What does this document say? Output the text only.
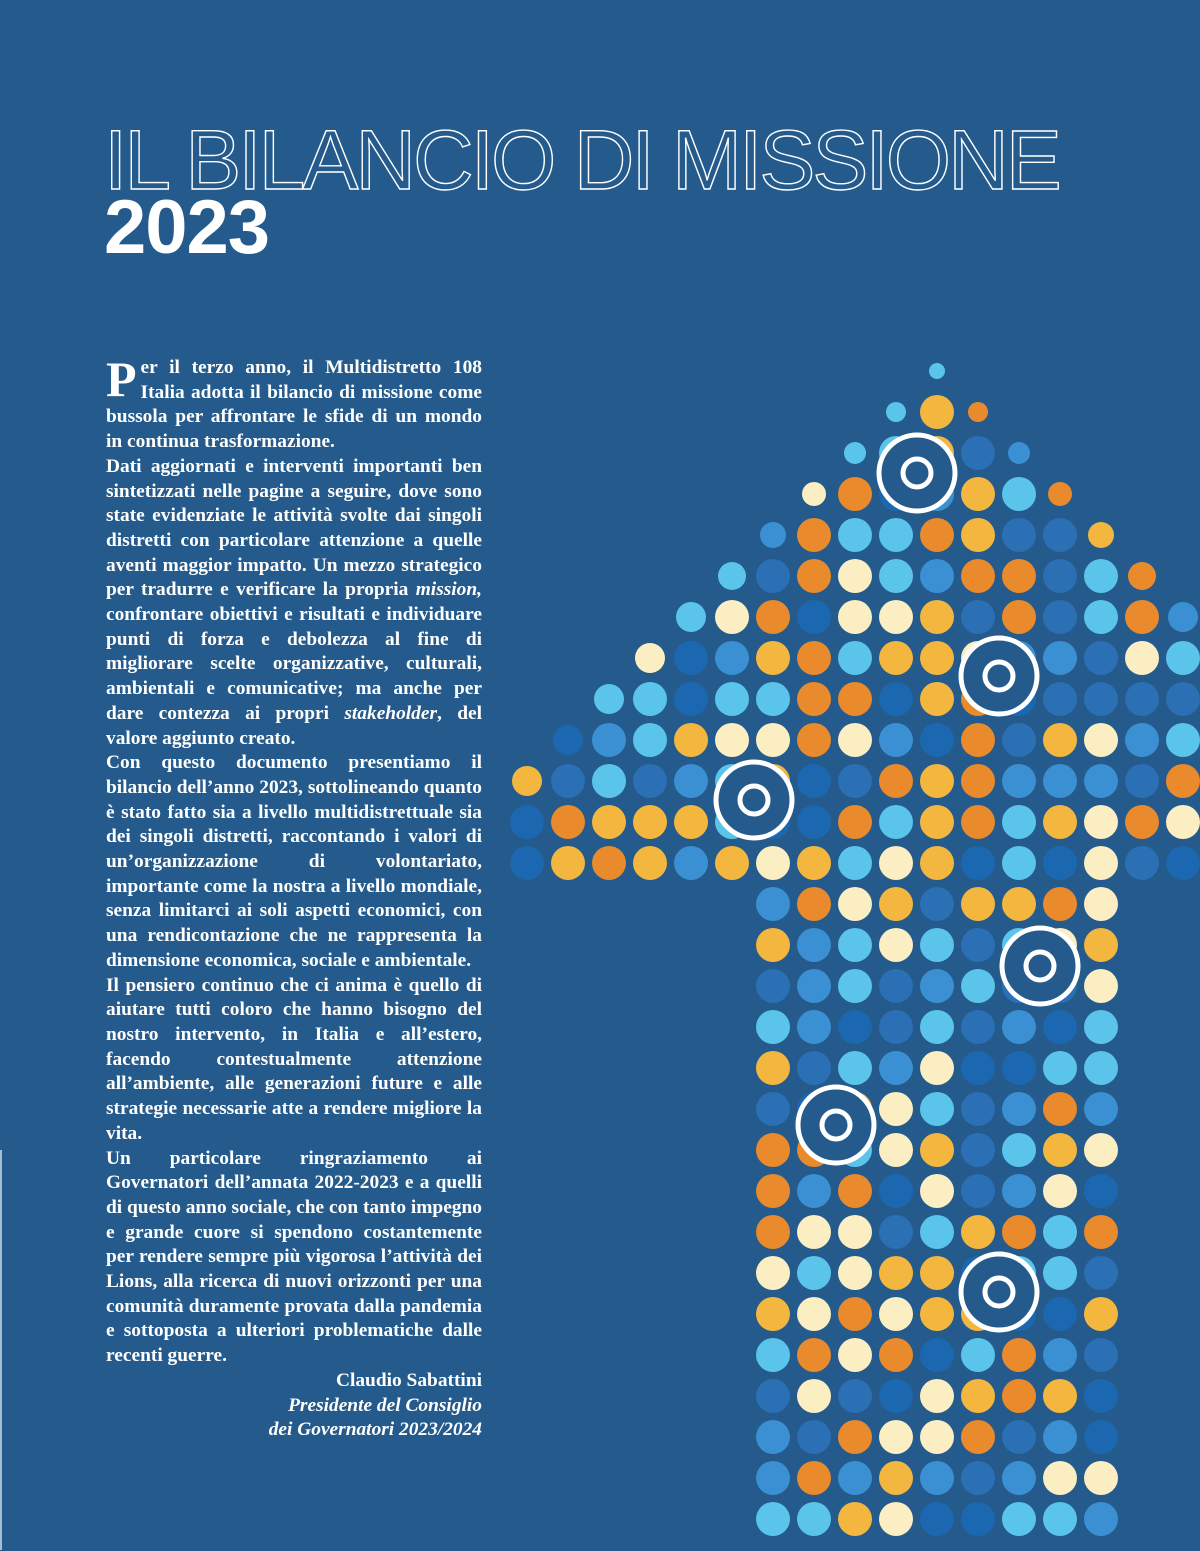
IL BILANCIO DI MISSIONE
2023

Per il terzo anno, il Multidistretto 108 Italia adotta il bilancio di missione come bussola per affrontare le sfide di un mondo in continua trasformazione.

Dati aggiornati e interventi importanti ben sintetizzati nelle pagine a seguire, dove sono state evidenziate le attività svolte dai singoli distretti con particolare attenzione a quelle aventi maggior impatto. Un mezzo strategico per tradurre e verificare la propria mission, confrontare obiettivi e risultati e individuare punti di forza e debolezza al fine di migliorare scelte organizzative, culturali, ambientali e comunicative; ma anche per dare contezza ai propri stakeholder, del valore aggiunto creato.

Con questo documento presentiamo il bilancio dell’anno 2023, sottolineando quanto è stato fatto sia a livello multidistrettuale sia dei singoli distretti, raccontando i valori di un’organizzazione di volontariato, importante come la nostra a livello mondiale, senza limitarci ai soli aspetti economici, con una rendicontazione che ne rappresenta la dimensione economica, sociale e ambientale.

Il pensiero continuo che ci anima è quello di aiutare tutti coloro che hanno bisogno del nostro intervento, in Italia e all’estero, facendo contestualmente attenzione all’ambiente, alle generazioni future e alle strategie necessarie atte a rendere migliore la vita.

Un particolare ringraziamento ai Governatori dell’annata 2022-2023 e a quelli di questo anno sociale, che con tanto impegno e grande cuore si spendono costantemente per rendere sempre più vigorosa l’attività dei Lions, alla ricerca di nuovi orizzonti per una comunità duramente provata dalla pandemia e sottoposta a ulteriori problematiche dalle recenti guerre.

Claudio Sabattini
Presidente del Consiglio
dei Governatori 2023/2024
